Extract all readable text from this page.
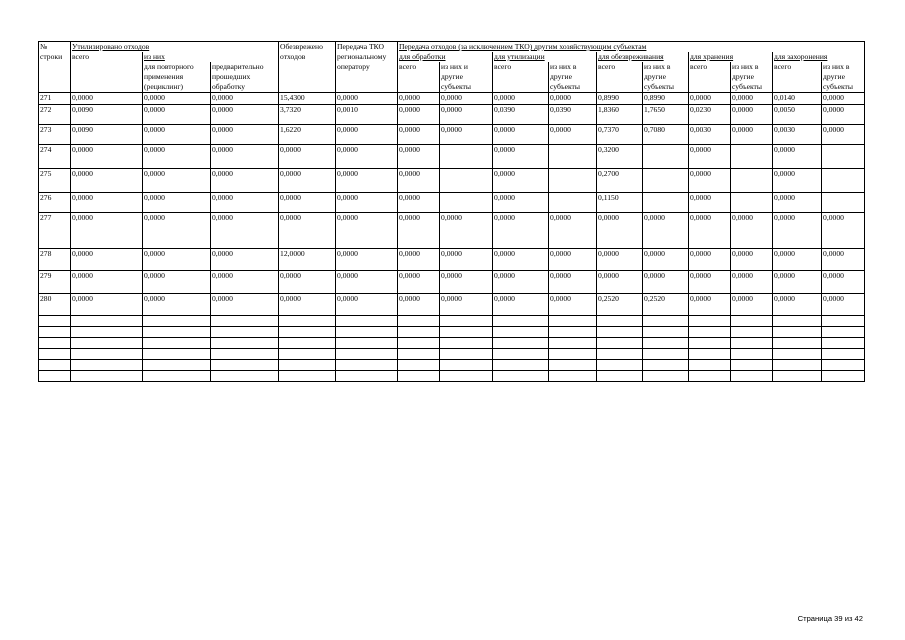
№	Утилизировано отходов			Обезврежено	Передача ТКО	Передача отходов (за исключением ТКО) другим хозяйствующим субъектам									
строки	всего	из них		отходов	региональному	для обработки		для утилизации		для обезвреживания		для хранения		для захоронения	
		для повторного	предварительно		оператору	всего	из них и	всего	из них в	всего	из них в	всего	из них в	всего	из них в
		применения	прошедших				другие		другие		другие		другие		другие
		(рециклинг)	обработку				субъекты		субъекты		субъекты		субъекты		субъекты
271	0,0000	0,0000	0,0000	15,4300	0,0000	0,0000	0,0000	0,0000	0,0000	0,8990	0,8990	0,0000	0,0000	0,0140	0,0000
272	0,0090	0,0000	0,0000	3,7320	0,0010	0,0000	0,0000	0,0390	0,0390	1,8360	1,7650	0,0230	0,0000	0,0050	0,0000
273	0,0090	0,0000	0,0000	1,6220	0,0000	0,0000	0,0000	0,0000	0,0000	0,7370	0,7080	0,0030	0,0000	0,0030	0,0000
274	0,0000	0,0000	0,0000	0,0000	0,0000	0,0000		0,0000		0,3200		0,0000		0,0000	
275	0,0000	0,0000	0,0000	0,0000	0,0000	0,0000		0,0000		0,2700		0,0000		0,0000	
276	0,0000	0,0000	0,0000	0,0000	0,0000	0,0000		0,0000		0,1150		0,0000		0,0000	
277	0,0000	0,0000	0,0000	0,0000	0,0000	0,0000	0,0000	0,0000	0,0000	0,0000	0,0000	0,0000	0,0000	0,0000	0,0000
278	0,0000	0,0000	0,0000	12,0000	0,0000	0,0000	0,0000	0,0000	0,0000	0,0000	0,0000	0,0000	0,0000	0,0000	0,0000
279	0,0000	0,0000	0,0000	0,0000	0,0000	0,0000	0,0000	0,0000	0,0000	0,0000	0,0000	0,0000	0,0000	0,0000	0,0000
280	0,0000	0,0000	0,0000	0,0000	0,0000	0,0000	0,0000	0,0000	0,0000	0,2520	0,2520	0,0000	0,0000	0,0000	0,0000

Страница 39 из 42
